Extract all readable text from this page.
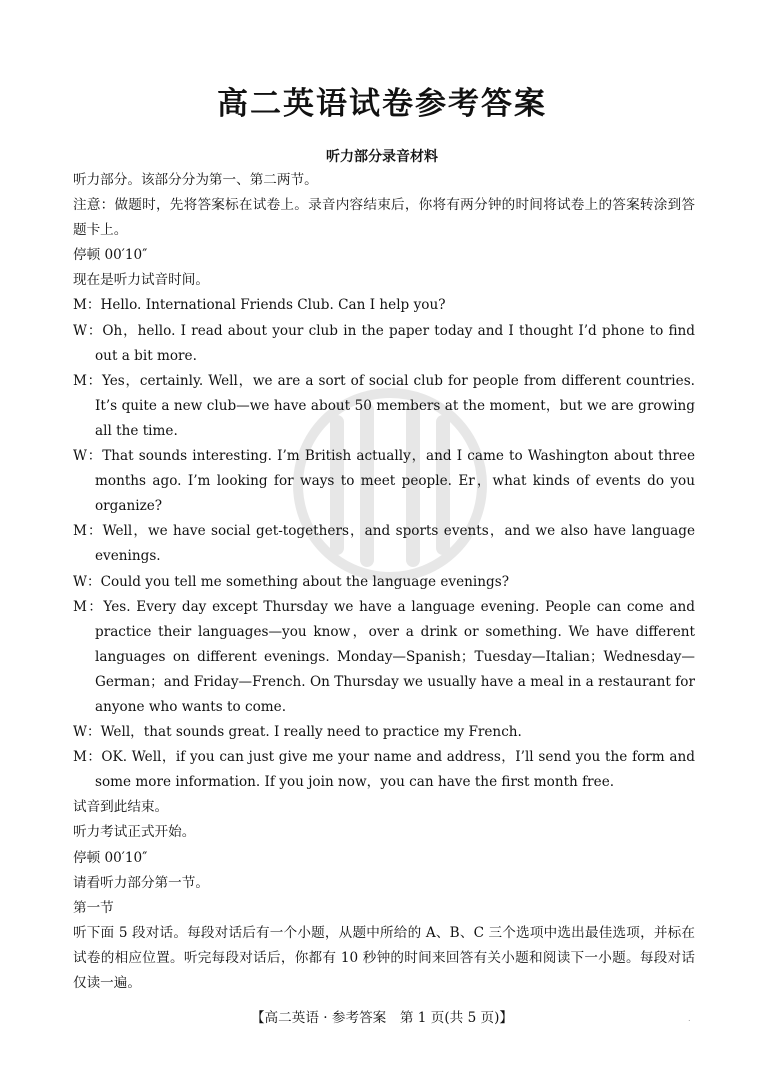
高二英语试卷参考答案
听力部分录音材料

听力部分。该部分分为第一、第二两节。

注意：做题时，先将答案标在试卷上。录音内容结束后，你将有两分钟的时间将试卷上的答案转涂到答题卡上。

停顿 00′10″

现在是听力试音时间。

M：Hello. International Friends Club. Can I help you?

W：Oh，hello. I read about your club in the paper today and I thought I’d phone to find out a bit more.

M：Yes，certainly. Well，we are a sort of social club for people from different countries. It’s quite a new club—we have about 50 members at the moment，but we are growing all the time.

W：That sounds interesting. I’m British actually，and I came to Washington about three months ago. I’m looking for ways to meet people. Er，what kinds of events do you organize?

M：Well，we have social get-togethers，and sports events，and we also have language evenings.

W：Could you tell me something about the language evenings?

M：Yes. Every day except Thursday we have a language evening. People can come and practice their languages—you know，over a drink or something. We have different languages on different evenings. Monday—Spanish；Tuesday—Italian；Wednesday—German；and Friday—French. On Thursday we usually have a meal in a restaurant for anyone who wants to come.

W：Well，that sounds great. I really need to practice my French.

M：OK. Well，if you can just give me your name and address，I’ll send you the form and some more information. If you join now，you can have the first month free.

试音到此结束。

听力考试正式开始。

停顿 00′10″

请看听力部分第一节。

第一节

听下面 5 段对话。每段对话后有一个小题，从题中所给的 A、B、C 三个选项中选出最佳选项，并标在试卷的相应位置。听完每段对话后，你都有 10 秒钟的时间来回答有关小题和阅读下一小题。每段对话仅读一遍。

【高二英语 · 参考答案　第 1 页(共 5 页)】	.
